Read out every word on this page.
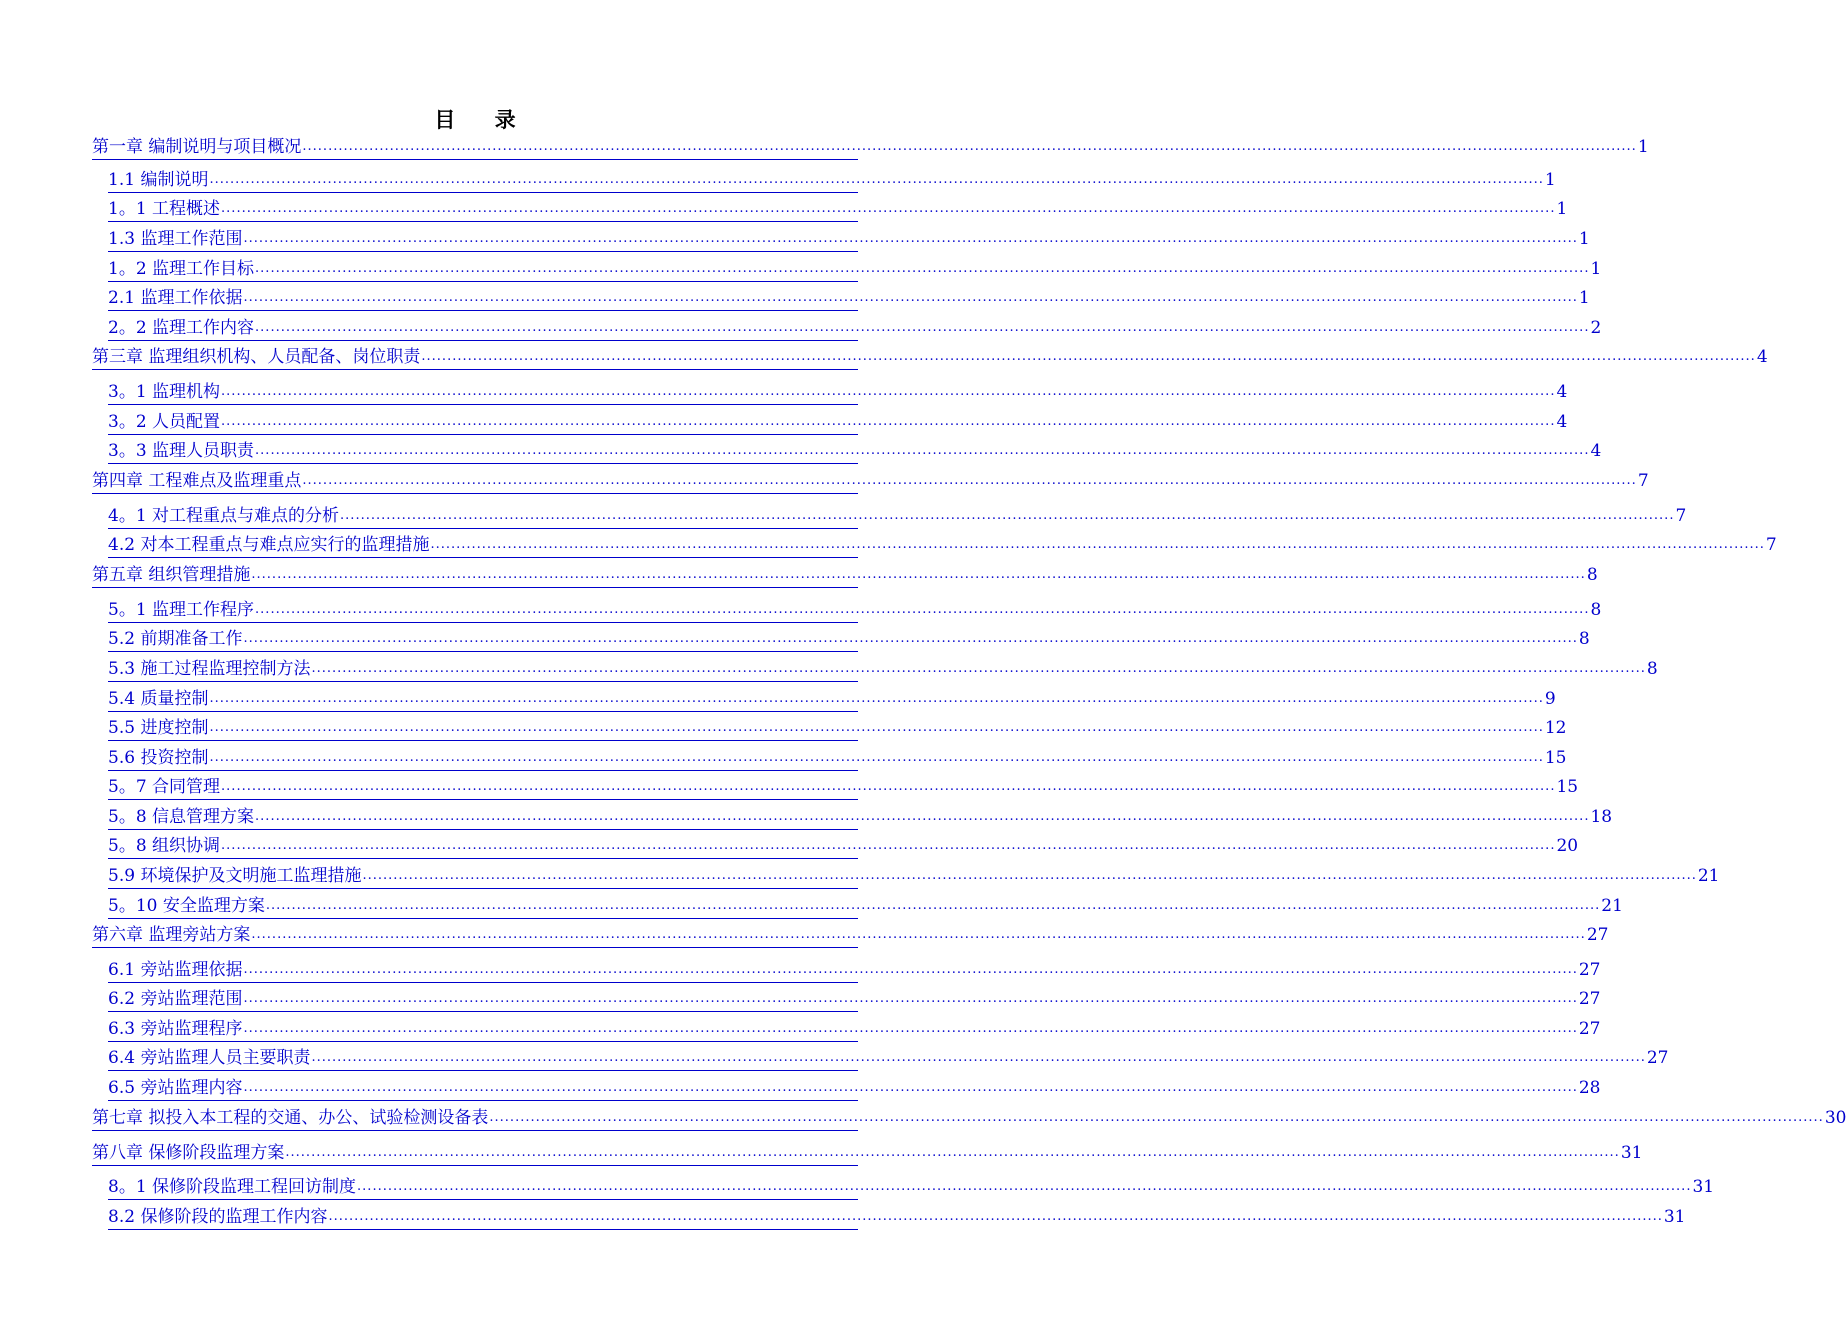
目 录
第一章 编制说明与项目概况 .................................................................................................................................................................................................................................................................... 1
1.1 编制说明 .................................................................................................................................................................................................................................................................... 1
1。1 工程概述 .................................................................................................................................................................................................................................................................... 1
1.3 监理工作范围 .................................................................................................................................................................................................................................................................... 1
1。2 监理工作目标 .................................................................................................................................................................................................................................................................... 1
2.1 监理工作依据 .................................................................................................................................................................................................................................................................... 1
2。2 监理工作内容 .................................................................................................................................................................................................................................................................... 2
第三章 监理组织机构、人员配备、岗位职责 .................................................................................................................................................................................................................................................................... 4
3。1 监理机构 .................................................................................................................................................................................................................................................................... 4
3。2 人员配置 .................................................................................................................................................................................................................................................................... 4
3。3 监理人员职责 .................................................................................................................................................................................................................................................................... 4
第四章 工程难点及监理重点 .................................................................................................................................................................................................................................................................... 7
4。1 对工程重点与难点的分析 .................................................................................................................................................................................................................................................................... 7
4.2 对本工程重点与难点应实行的监理措施 .................................................................................................................................................................................................................................................................... 7
第五章 组织管理措施 .................................................................................................................................................................................................................................................................... 8
5。1 监理工作程序 .................................................................................................................................................................................................................................................................... 8
5.2 前期准备工作 .................................................................................................................................................................................................................................................................... 8
5.3 施工过程监理控制方法 .................................................................................................................................................................................................................................................................... 8
5.4 质量控制 .................................................................................................................................................................................................................................................................... 9
5.5 进度控制 .................................................................................................................................................................................................................................................................... 12
5.6 投资控制 .................................................................................................................................................................................................................................................................... 15
5。7 合同管理 .................................................................................................................................................................................................................................................................... 15
5。8 信息管理方案 .................................................................................................................................................................................................................................................................... 18
5。8 组织协调 .................................................................................................................................................................................................................................................................... 20
5.9 环境保护及文明施工监理措施 .................................................................................................................................................................................................................................................................... 21
5。10 安全监理方案 .................................................................................................................................................................................................................................................................... 21
第六章 监理旁站方案 .................................................................................................................................................................................................................................................................... 27
6.1 旁站监理依据 .................................................................................................................................................................................................................................................................... 27
6.2 旁站监理范围 .................................................................................................................................................................................................................................................................... 27
6.3 旁站监理程序 .................................................................................................................................................................................................................................................................... 27
6.4 旁站监理人员主要职责 .................................................................................................................................................................................................................................................................... 27
6.5 旁站监理内容 .................................................................................................................................................................................................................................................................... 28
第七章 拟投入本工程的交通、办公、试验检测设备表 .................................................................................................................................................................................................................................................................... 30
第八章 保修阶段监理方案 .................................................................................................................................................................................................................................................................... 31
8。1 保修阶段监理工程回访制度 .................................................................................................................................................................................................................................................................... 31
8.2 保修阶段的监理工作内容 .................................................................................................................................................................................................................................................................... 31
